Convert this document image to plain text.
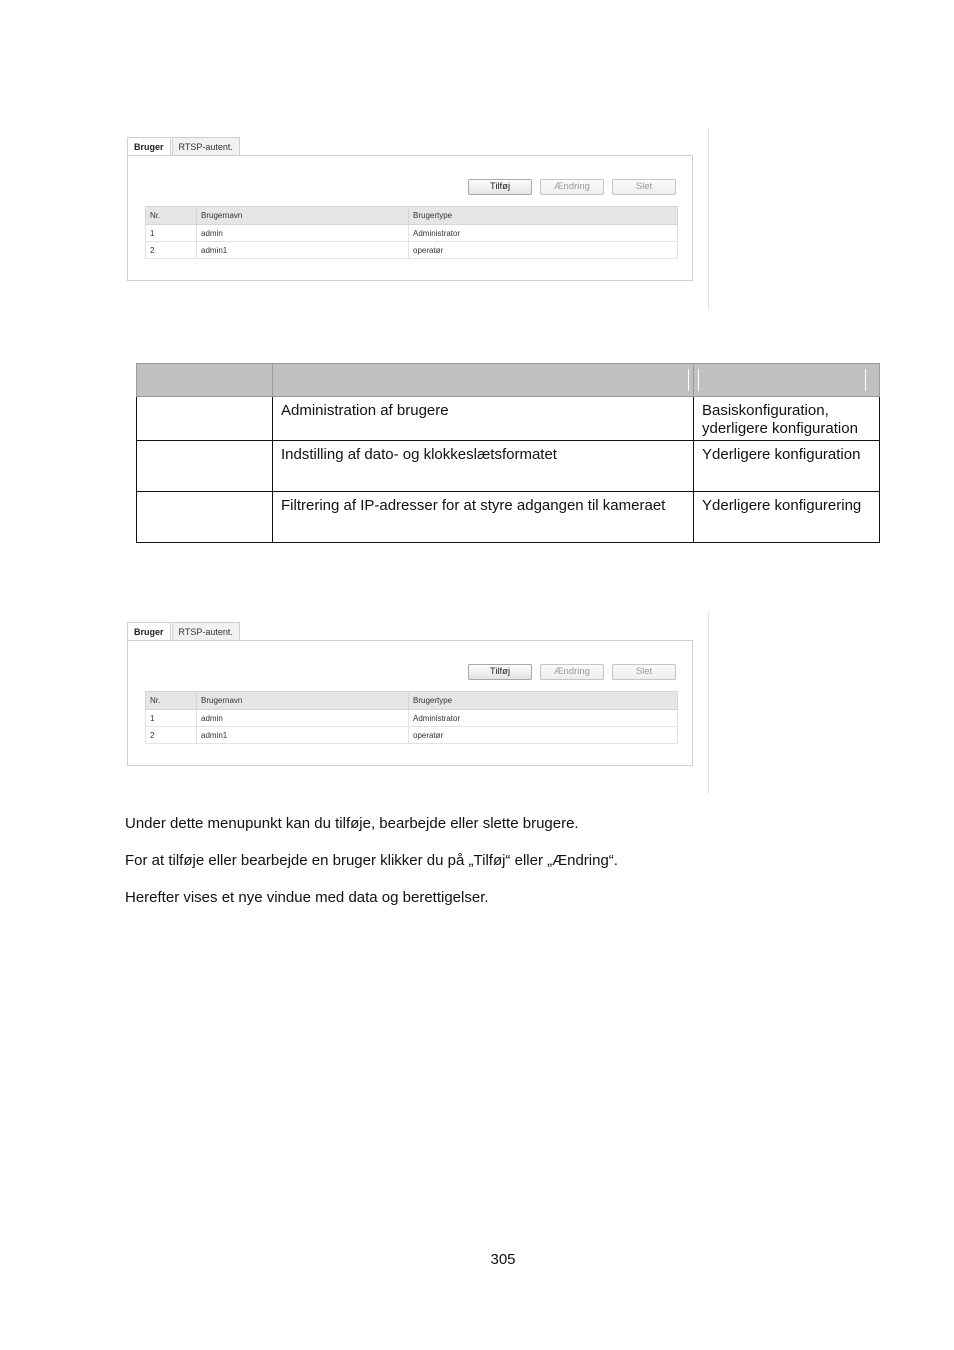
Bruger	RTSP-autent.
Tilføj	Ændring	Slet
Nr.	Brugernavn	Brugertype
1	admin	Administrator
2	admin1	operatør

	Administration af brugere	Basiskonfiguration, yderligere konfiguration
	Indstilling af dato- og klokkeslætsformatet	Yderligere konfiguration
	Filtrering af IP-adresser for at styre adgangen til kameraet	Yderligere konfigurering
Bruger	RTSP-autent.
Tilføj	Ændring	Slet
Nr.	Brugernavn	Brugertype
1	admin	Administrator
2	admin1	operatør
Under dette menupunkt kan du tilføje, bearbejde eller slette brugere.
For at tilføje eller bearbejde en bruger klikker du på „Tilføj“ eller „Ændring“.
Herefter vises et nye vindue med data og berettigelser.
305
